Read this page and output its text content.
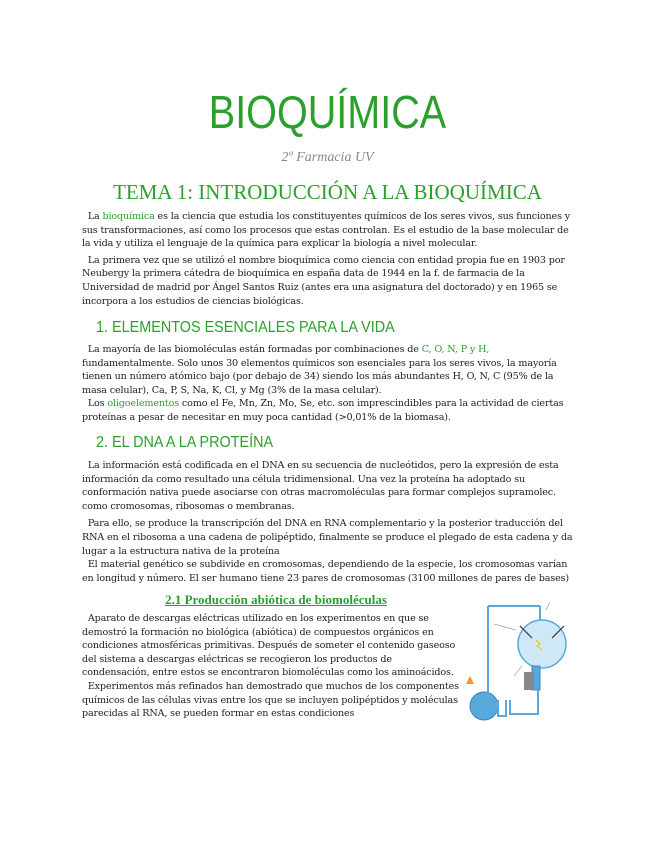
BIOQUÍMICA
2º Farmacia UV
TEMA 1: INTRODUCCIÓN A LA BIOQUÍMICA

La bioquímica es la ciencia que estudia los constituyentes químicos de los seres vivos, sus funciones y sus transformaciones, así como los procesos que estas controlan. Es el estudio de la base molecular de la vida y utiliza el lenguaje de la química para explicar la biología a nivel molecular.

La primera vez que se utilizó el nombre bioquímica como ciencia con entidad propia fue en 1903 por Neubergy la primera cátedra de bioquímica en españa data de 1944 en la f. de farmacia de la Universidad de madrid por Ángel Santos Ruiz (antes era una asignatura del doctorado) y en 1965 se incorpora a los estudios de ciencias biológicas.

1. ELEMENTOS ESENCIALES PARA LA VIDA

La mayoría de las biomoléculas están formadas por combinaciones de C, O, N, P y H, fundamentalmente. Solo unos 30 elementos químicos son esenciales para los seres vivos, la mayoría tienen un número atómico bajo (por debajo de 34) siendo los más abundantes H, O, N, C (95% de la masa celular), Ca, P, S, Na, K, Cl, y Mg (3% de la masa celular).

Los oligoelementos como el Fe, Mn, Zn, Mo, Se, etc. son imprescindibles para la actividad de ciertas proteínas a pesar de necesitar en muy poca cantidad (>0,01% de la biomasa).

2. EL DNA A LA PROTEÍNA

La información está codificada en el DNA en su secuencia de nucleótidos, pero la expresión de esta información da como resultado una célula tridimensional. Una vez la proteína ha adoptado su conformación nativa puede asociarse con otras macromoléculas para formar complejos supramolec. como cromosomas, ribosomas o membranas.

Para ello, se produce la transcripción del DNA en RNA complementario y la posterior traducción del RNA en el ribosoma a una cadena de polipéptido, finalmente se produce el plegado de esta cadena y da lugar a la estructura nativa de la proteína

El material genético se subdivide en cromosomas, dependiendo de la especie, los cromosomas varían en longitud y número. El ser humano tiene 23 pares de cromosomas (3100 millones de pares de bases)

2.1 Producción abiótica de biomoléculas

Aparato de descargas eléctricas utilizado en los experimentos en que se demostró la formación no biológica (abiótica) de compuestos orgánicos en condiciones atmosféricas primitivas. Después de someter el contenido gaseoso del sistema a descargas eléctricas se recogieron los productos de condensación, entre estos se encontraron biomoléculas como los aminoácidos.

Experimentos más refinados han demostrado que muchos de los componentes químicos de las células vivas entre los que se incluyen polipéptidos y moléculas parecidas al RNA, se pueden formar en estas condiciones
